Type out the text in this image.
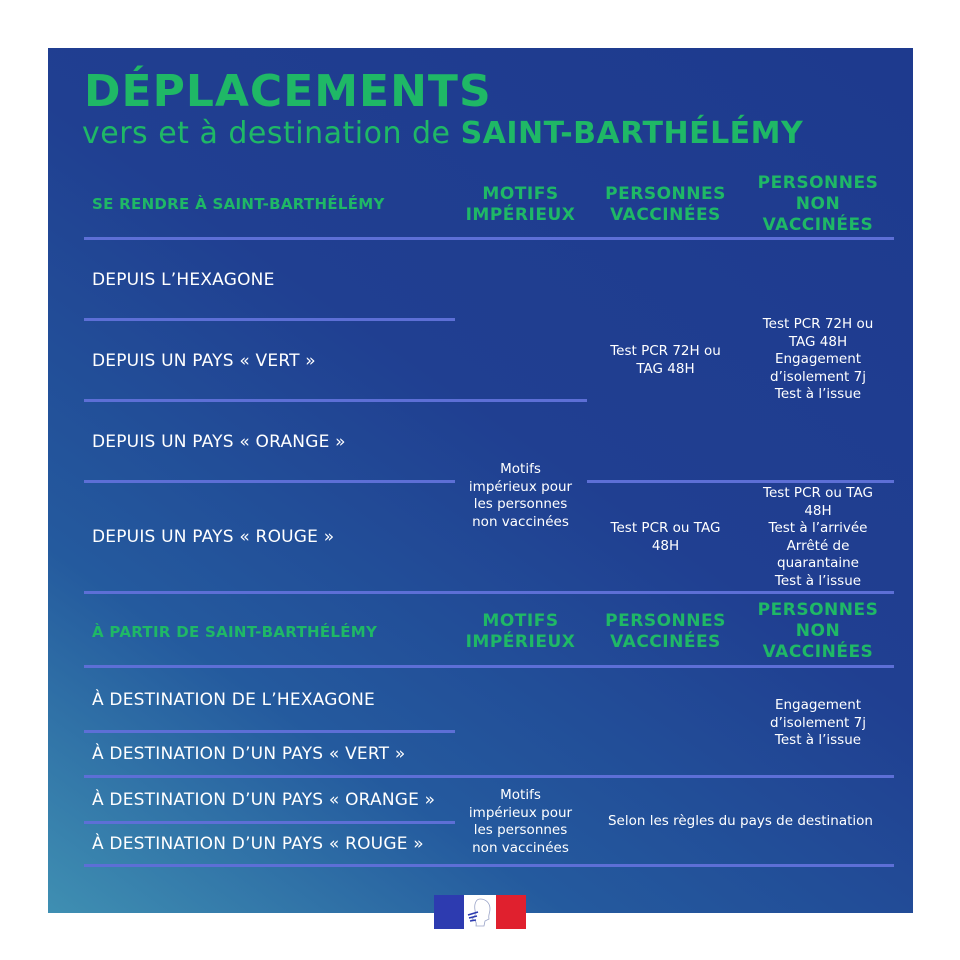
DÉPLACEMENTS
vers et à destination de SAINT-BARTHÉLÉMY
SE RENDRE À SAINT-BARTHÉLÉMY	MOTIFS
IMPÉRIEUX
PERSONNES
VACCINÉES
PERSONNES
NON
VACCINÉES
DEPUIS L’HEXAGONE
DEPUIS UN PAYS « VERT »
DEPUIS UN PAYS « ORANGE »
DEPUIS UN PAYS « ROUGE »
Test PCR 72H ou
TAG 48H
Test PCR 72H ou
TAG 48H
Engagement
d’isolement 7j
Test à l’issue
Motifs
impérieux pour
les personnes
non vaccinées	Test PCR ou TAG
48H
Test PCR ou TAG
48H
Test à l’arrivée
Arrêté de
quarantaine
Test à l’issue
À PARTIR DE SAINT-BARTHÉLÉMY
MOTIFS
IMPÉRIEUX
PERSONNES
VACCINÉES
PERSONNES
NON
VACCINÉES
À DESTINATION DE L’HEXAGONE
À DESTINATION D’UN PAYS « VERT »
À DESTINATION D’UN PAYS « ORANGE »
À DESTINATION D’UN PAYS « ROUGE »
Engagement
d’isolement 7j
Test à l’issue
Motifs
impérieux pour
les personnes
non vaccinées
Selon les règles du pays de destination
